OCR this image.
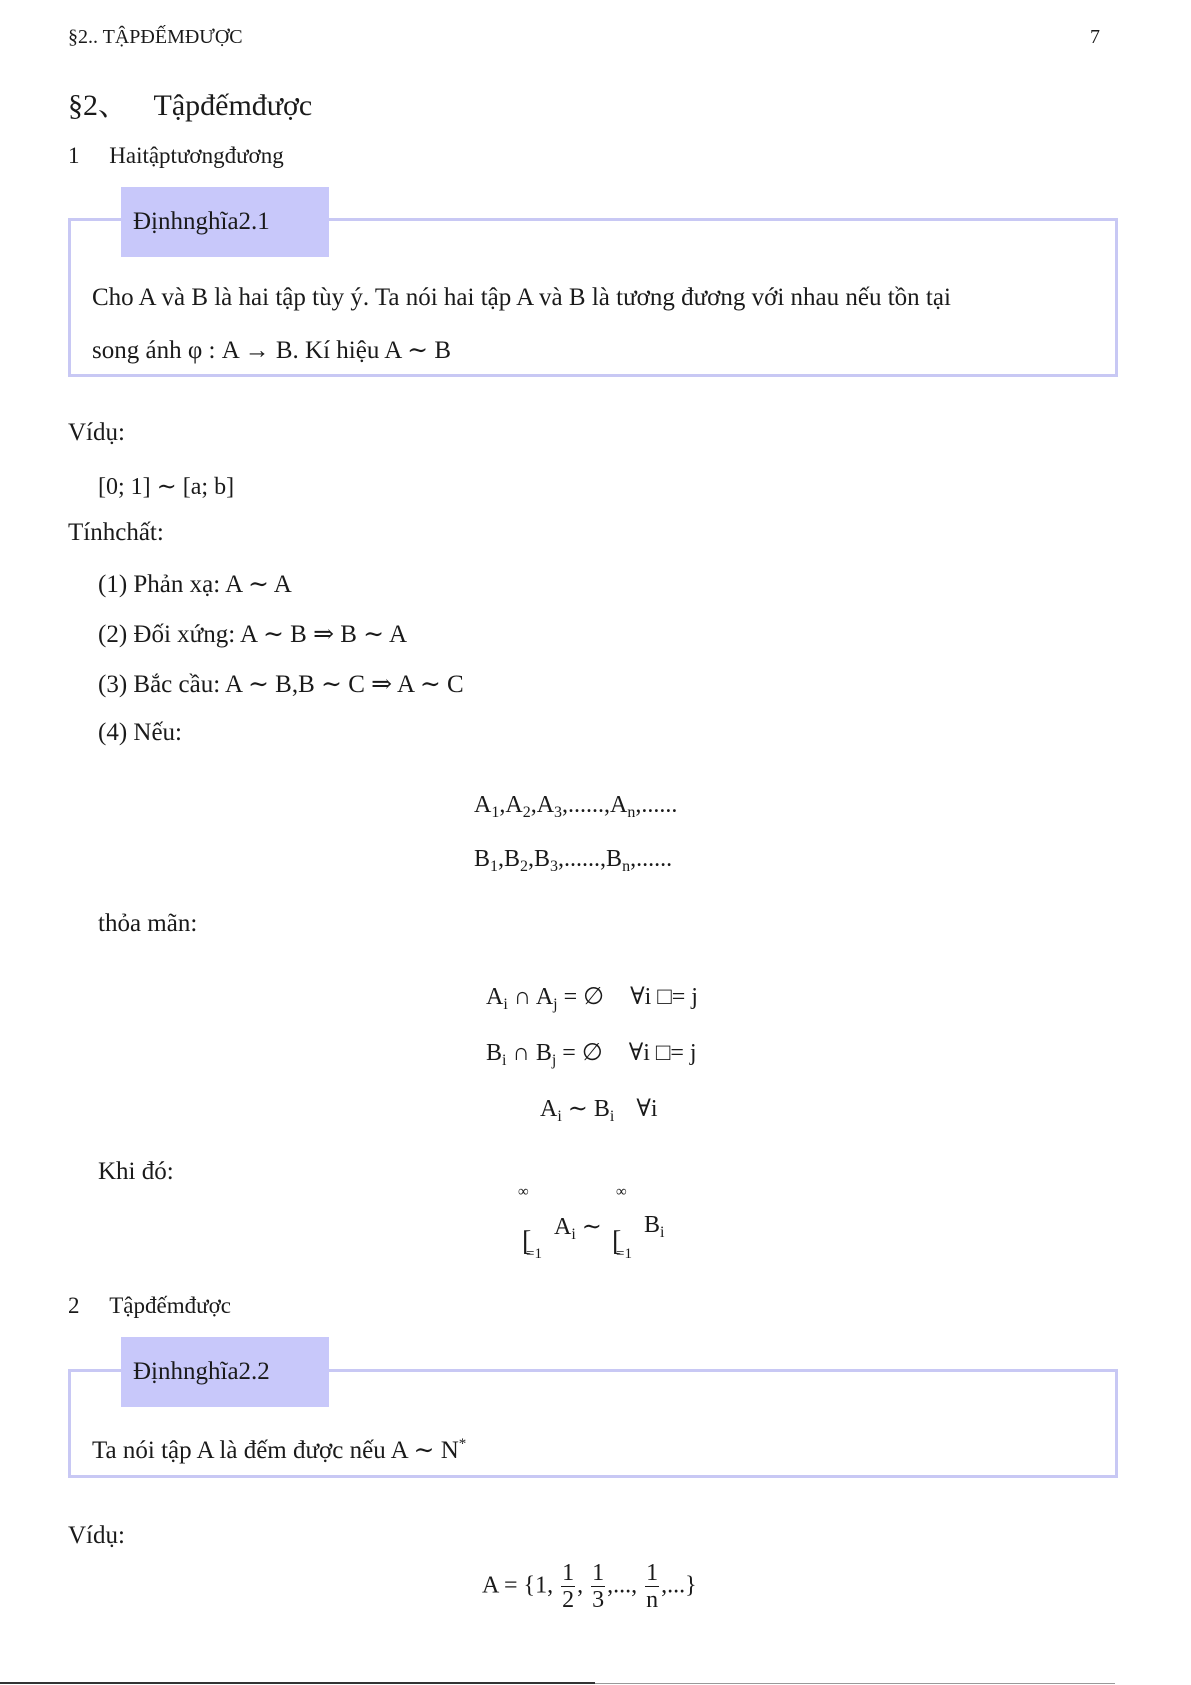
§2.. TẬPĐẾMĐƯỢC	7
§2、 Tậpđếmđược
1 Haitậptươngđương
Địnhnghĩa2.1
Cho A và B là hai tập tùy ý. Ta nói hai tập A và B là tương đương với nhau nếu tồn tại
song ánh φ : A → B. Kí hiệu A ∼ B
Vídụ:
[0; 1] ∼ [a; b]
Tínhchất:
(1) Phản xạ: A ∼ A
(2) Đối xứng: A ∼ B ⇒ B ∼ A
(3) Bắc cầu: A ∼ B,B ∼ C ⇒ A ∼ C
(4) Nếu:
$A_1,A_2,A_3,......,A_n$,......
$B_1,B_2,B_3,......,B_n$,......
thỏa mãn:
$A_i$ ∩ $A_j$ = ∅ ∀i □= j
$B_i$ ∩ $B_j$ = ∅ ∀i □= j
$A_i$ ∼ $B_i$ ∀i
Khi đó:
∞	∞
[
=1
$A_i$ ∼ [
=1
$B_i$
2 Tậpđếmđược
Địnhnghĩa2.2
Ta nói tập A là đếm được nếu A ∼ N*
Vídụ:
A = {1, $\frac{1}{2}$ , $\frac{1}{3}$ ,..., $\frac{1}{n}$ ,...}
